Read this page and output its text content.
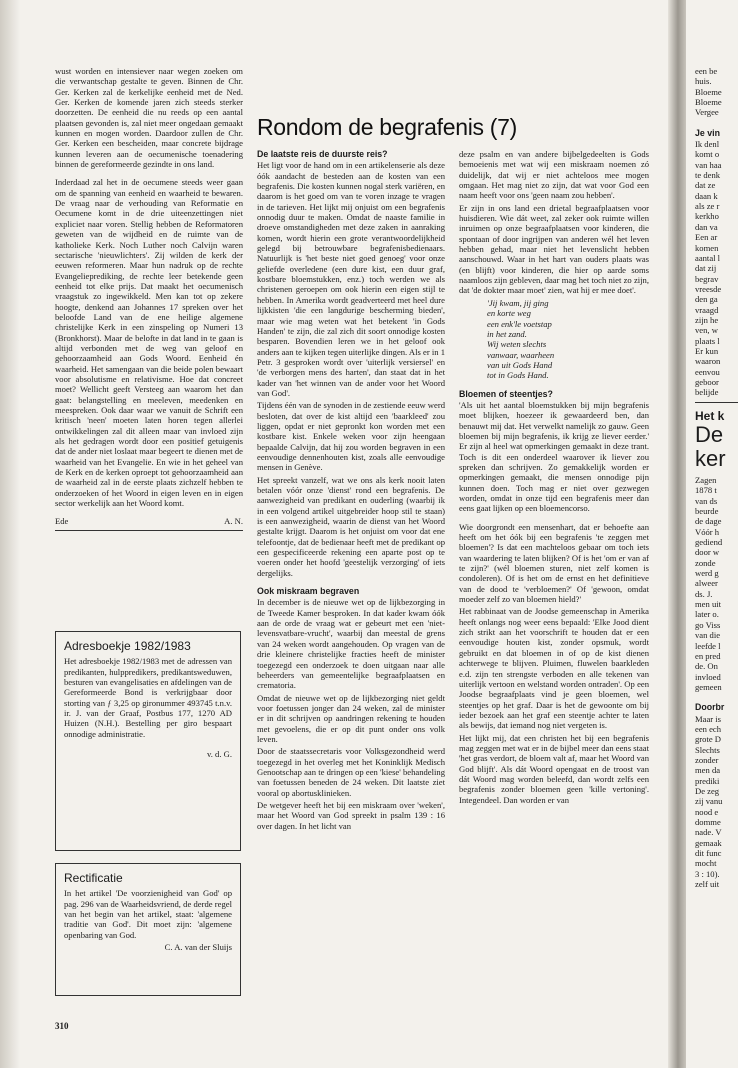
wust worden en intensiever naar wegen zoeken om die verwantschap gestalte te geven. Binnen de Chr. Ger. Kerken zal de kerkelijke eenheid met de Ned. Ger. Kerken de komende jaren zich steeds sterker doorzetten. De eenheid die nu reeds op een aantal plaatsen gevonden is, zal niet meer ongedaan gemaakt kunnen en mogen worden. Daardoor zullen de Chr. Ger. Kerken een bescheiden, maar concrete bijdrage kunnen leveren aan de oecumenische toenadering binnen de gereformeerde gezindte in ons land.

Inderdaad zal het in de oecumene steeds weer gaan om de spanning van eenheid en waarheid te bewaren. De vraag naar de verhouding van Reformatie en Oecumene komt in de drie uiteenzettingen niet expliciet naar voren. Stellig hebben de Reformatoren geweten van de wijdheid en de ruimte van de katholieke Kerk. Noch Luther noch Calvijn waren sectarische 'nieuwlichters'. Zij wilden de kerk der eeuwen reformeren. Maar hun nadruk op de rechte Evangelieprediking, de rechte leer betekende geen eenheid tot elke prijs. Dat maakt het oecumenisch vraagstuk zo ingewikkeld. Men kan tot op zekere hoogte, denkend aan Johannes 17 spreken over het beloofde Land van de ene heilige algemene christelijke Kerk in een zinspeling op Numeri 13 (Bronkhorst). Maar de belofte in dat land in te gaan is altijd verbonden met de weg van geloof en gehoorzaamheid aan Gods Woord. Eenheid én waarheid. Het samengaan van die beide polen bewaart voor absolutisme en relativisme. Hoe dat concreet moet? Wellicht geeft Versteeg aan waarom het dan gaat: belangstelling en meeleven, meedenken en meespreken. Ook daar waar we vanuit de Schrift een kritisch 'neen' moeten laten horen tegen allerlei ontwikkelingen zal dit alleen maar van invloed zijn als het gedragen wordt door een positief getuigenis dat de ander niet loslaat maar begeert te dienen met de waarheid van het Evangelie. En wie in het geheel van de Kerk en de kerken oproept tot gehoorzaamheid aan de waarheid zal in de eerste plaats zichzelf hebben te onderzoeken of het Woord in eigen leven en in eigen sector werkelijk aan het Woord komt.

Ede	A. N.
Adresboekje 1982/1983
Het adresboekje 1982/1983 met de adressen van predikanten, hulppredikers, predikantsweduwen, besturen van evangelisaties en afdelingen van de Gereformeerde Bond is verkrijgbaar door storting van ƒ 3,25 op gironummer 493745 t.n.v. ir. J. van der Graaf, Postbus 177, 1270 AD Huizen (N.H.). Bestelling per giro bespaart onnodige administratie.
v. d. G.
Rectificatie
In het artikel 'De voorzienigheid van God' op pag. 296 van de Waarheidsvriend, de derde regel van het begin van het artikel, staat: 'algemene traditie van God'. Dit moet zijn: 'algemene openbaring van God.
C. A. van der Sluijs
310
Rondom de begrafenis (7)
De laatste reis de duurste reis?

Het ligt voor de hand om in een artikelenserie als deze óók aandacht de besteden aan de kosten van een begrafenis. Die kosten kunnen nogal sterk variëren, en daarom is het goed om van te voren inzage te vragen in de tarieven. Het lijkt mij onjuist om een begrafenis onnodig duur te maken. Omdat de naaste familie in droeve omstandigheden met deze zaken in aanraking komen, wordt hierin een grote verantwoordelijkheid gelegd bij betrouwbare begrafenisbedienaars. Natuurlijk is 'het beste niet goed genoeg' voor onze geliefde overledene (een dure kist, een duur graf, kostbare bloemstukken, enz.) toch werden we als christenen geroepen om ook hierin een eigen stijl te hebben. In Amerika wordt geadverteerd met heel dure lijkkisten 'die een langdurige bescherming bieden', maar wie mag weten wat het betekent 'in Gods Handen' te zijn, die zal zich dit soort onnodige kosten besparen. Bovendien leren we in het geloof ook anders aan te kijken tegen uiterlijke dingen. Als er in 1 Petr. 3 gesproken wordt over 'uiterlijk versiersel' en 'de verborgen mens des harten', dan staat dat in het kader van 'het winnen van de ander voor het Woord van God'.

Tijdens één van de synoden in de zestiende eeuw werd besloten, dat over de kist altijd een 'baarkleed' zou liggen, opdat er niet gepronkt kon worden met een kostbare kist. Enkele weken voor zijn heengaan bepaalde Calvijn, dat hij zou worden begraven in een eenvoudige dennenhouten kist, zoals alle eenvoudige mensen in Genève.

Het spreekt vanzelf, wat we ons als kerk nooit laten betalen vóór onze 'dienst' rond een begrafenis. De aanwezigheid van predikant en ouderling (waarbij ik in een volgend artikel uitgebreider hoop stil te staan) is een aanwezigheid, waarin de dienst van het Woord gestalte krijgt. Daarom is het onjuist om voor dat ene telefoontje, dat de bedienaar heeft met de predikant op een gespecificeerde rekening een aparte post op te voeren onder het hoofd 'geestelijk verzorging' of iets dergelijks.

Ook miskraam begraven

In december is de nieuwe wet op de lijkbezorging in de Tweede Kamer besproken. In dat kader kwam óók aan de orde de vraag wat er gebeurt met een 'niet-levensvatbare-vrucht', waarbij dan meestal de grens van 24 weken wordt aangehouden. Op vragen van de drie kleinere christelijke fracties heeft de minister toegezegd een onderzoek te doen uitgaan naar alle beheerders van gemeentelijke begraafplaatsen en crematoria.

Omdat de nieuwe wet op de lijkbezorging niet geldt voor foetussen jonger dan 24 weken, zal de minister er in dit schrijven op aandringen rekening te houden met gevoelens, die er op dit punt onder ons volk leven.

Door de staatssecretaris voor Volksgezondheid werd toegezegd in het overleg met het Koninklijk Medisch Genootschap aan te dringen op een 'kiese' behandeling van foetussen beneden de 24 weken. Dit laatste ziet vooral op abortusklinieken.

De wetgever heeft het bij een miskraam over 'weken', maar het Woord van God spreekt in psalm 139 : 16 over dagen. In het licht van

deze psalm en van andere bijbelgedeelten is Gods bemoeienis met wat wij een miskraam noemen zó duidelijk, dat wij er niet achteloos mee mogen omgaan. Het mag niet zo zijn, dat wat voor God een naam heeft voor ons 'geen naam zou hebben'.

Er zijn in ons land een drietal begraafplaatsen voor huisdieren. Wie dát weet, zal zeker ook ruimte willen inruimen op onze begraafplaatsen voor kinderen, die spontaan of door ingrijpen van anderen wél het leven hebben gehad, maar niet het levenslicht hebben aanschouwd. Waar in het hart van ouders plaats was (en blijft) voor kinderen, die hier op aarde soms naamloos zijn gebleven, daar mag het toch niet zo zijn, dat 'de dokter maar moet' zien, wat hij er mee doet'.

'Jij kwam, jij ging
en korte weg
een enk'le voetstap
in het zand.
Wij weten slechts
vanwaar, waarheen
van uit Gods Hand
tot in Gods Hand.
Bloemen of steentjes?

'Als uit het aantal bloemstukken bij mijn begrafenis moet blijken, hoezeer ik gewaardeerd ben, dan benauwt mij dat. Het verwelkt namelijk zo gauw. Geen bloemen bij mijn begrafenis, ik krijg ze liever eerder.' Er zijn al heel wat opmerkingen gemaakt in deze trant. Toch is dit een onderdeel waarover ik liever zou spreken dan schrijven. Zo gemakkelijk worden er opmerkingen gemaakt, die mensen onnodige pijn kunnen doen. Toch mag er niet over gezwegen worden, omdat in onze tijd een begrafenis meer dan eens gaat lijken op een bloemencorso.

Wie doorgrondt een mensenhart, dat er behoefte aan heeft om het óók bij een begrafenis 'te zeggen met bloemen'? Is dat een machteloos gebaar om toch iets van waardering te laten blijken? Of is het 'om er van af te zijn?' (wél bloemen sturen, niet zelf komen is condoleren). Of is het om de ernst en het definitieve van de dood te 'verbloemen?' Of 'gewoon, omdat moeder zelf zo van bloemen hield?'

Het rabbinaat van de Joodse gemeenschap in Amerika heeft onlangs nog weer eens bepaald: 'Elke Jood dient zich strikt aan het voorschrift te houden dat er een eenvoudige houten kist, zonder opsmuk, wordt gebruikt en dat bloemen in of op de kist dienen achterwege te blijven. Pluimen, fluwelen baarkleden e.d. zijn ten strengste verboden en alle tekenen van uiterlijk vertoon en welstand worden ontraden'. Op een Joodse begraafplaats vind je geen bloemen, wel steentjes op het graf. Daar is het de gewoonte om bij ieder bezoek aan het graf een steentje achter te laten als bewijs, dat iemand nog niet vergeten is.

Het lijkt mij, dat een christen het bij een begrafenis mag zeggen met wat er in de bijbel meer dan eens staat 'het gras verdort, de bloem valt af, maar het Woord van God blijft'. Als dát Woord opengaat en de troost van dát Woord mag worden beleefd, dan wordt zelfs een begrafenis zonder bloemen geen 'kille vertoning'. Integendeel. Dan worden er van

een be
huis.
Bloeme
Bloeme
Vergee
Je vin
Ik denl
komt o
van haa
te denk
dat ze
daan k
als ze r
kerkho
dan va
Een ar
komen
aantal l
dat zij
begrav
vreesde
den ga
vraagd
zijn he
ven, w
plaats l
Er kun
waaron
eenvou
geboor
belijde
Het k
De
ker
Zagen
1878 t
van ds
beurde
de dage
Vóór h
gediend
door w
zonde
werd g
alweer
ds. J.
men uit
later o.
go Viss
van die
leefde l
en pred
de. On
invloed
gemeen
Doorbr
Maar is
een ech
grote D
Slechts
zonder
men da
prediki
De zeg
zij vanu
nood e
domme
nade. V
gemaak
dit func
mocht
3 : 10).
zelf uit
